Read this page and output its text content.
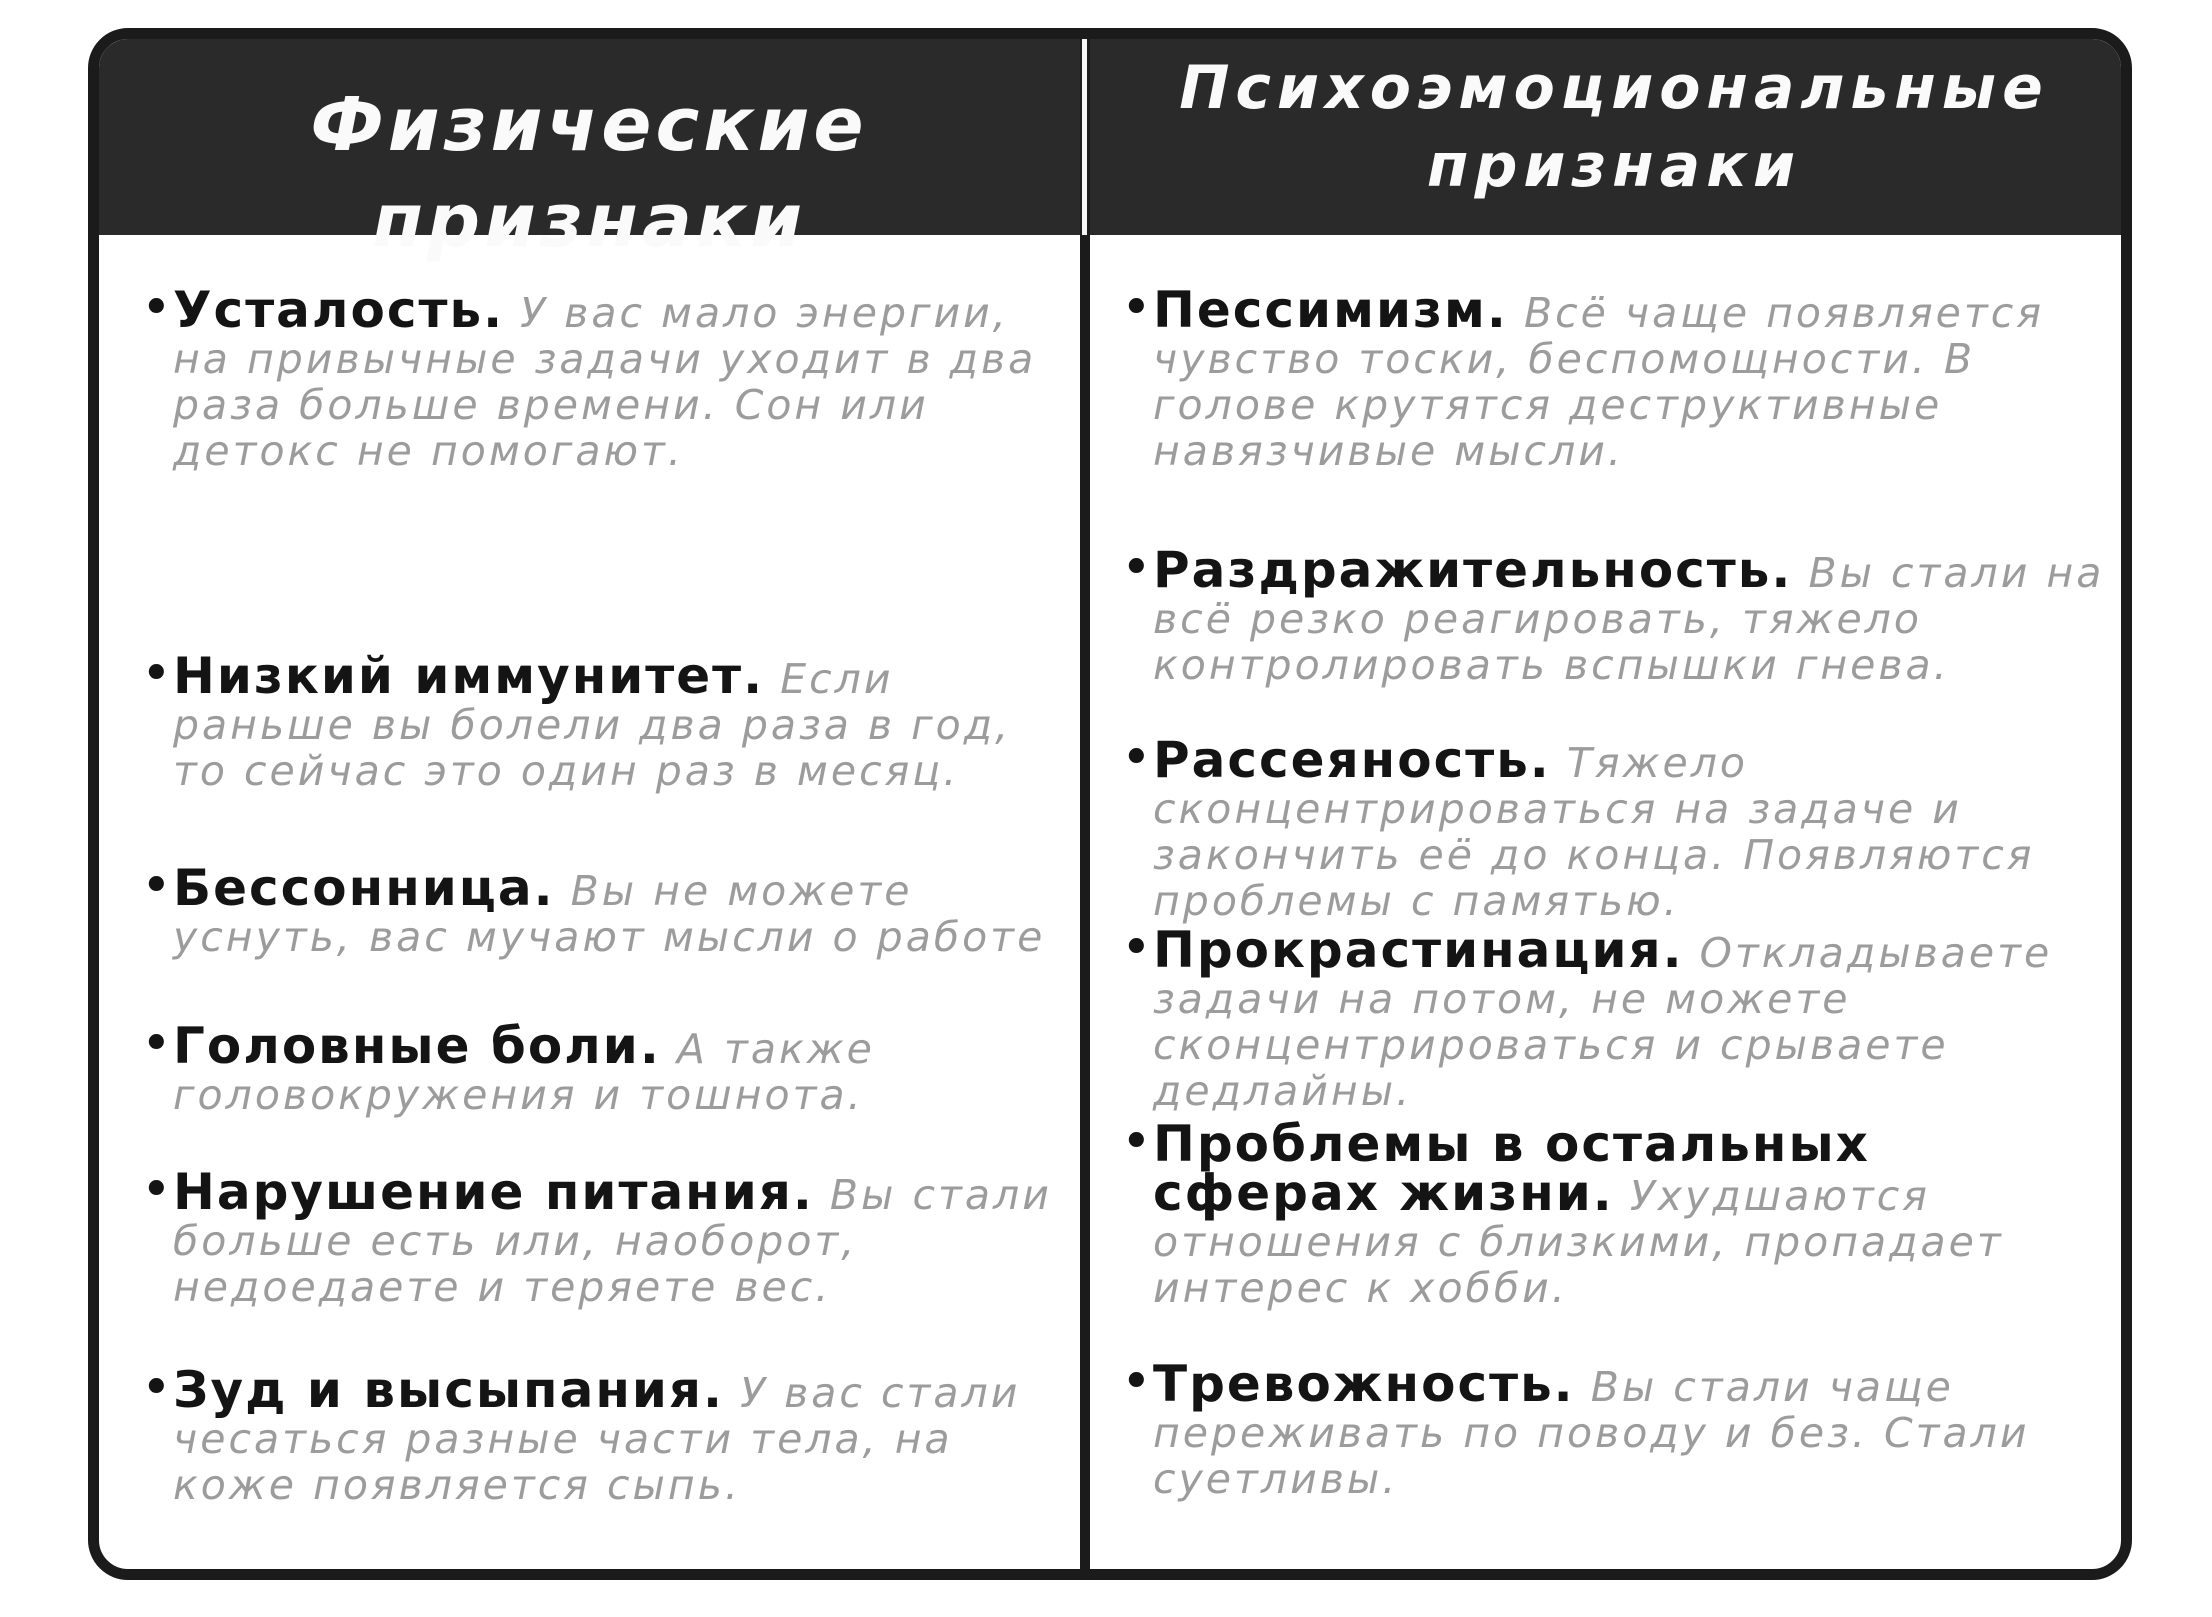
Физические признаки
Психоэмоциональные признаки
•
Усталость. У вас мало энергии, на привычные задачи уходит в два раза больше времени. Сон или детокс не помогают.
•
Низкий иммунитет. Если раньше вы болели два раза в год, то сейчас это один раз в месяц.
•
Бессонница. Вы не можете уснуть, вас мучают мысли о работе
•
Головные боли. А также головокружения и тошнота.
•
Нарушение питания. Вы стали больше есть или, наоборот, недоедаете и теряете вес.
•
Зуд и высыпания. У вас стали чесаться разные части тела, на коже появляется сыпь.
•
Пессимизм. Всё чаще появляется чувство тоски, беспомощности. В голове крутятся деструктивные навязчивые мысли.
•
Раздражительность. Вы стали на всё резко реагировать, тяжело контролировать вспышки гнева.
•
Рассеяность. Тяжело сконцентрироваться на задаче и закончить её до конца. Появляются проблемы с памятью.
•
Прокрастинация. Откладываете задачи на потом, не можете сконцентрироваться и срываете дедлайны.
•
Проблемы в остальных сферах жизни. Ухудшаются отношения с близкими, пропадает интерес к хобби.
•
Тревожность. Вы стали чаще переживать по поводу и без. Стали суетливы.
